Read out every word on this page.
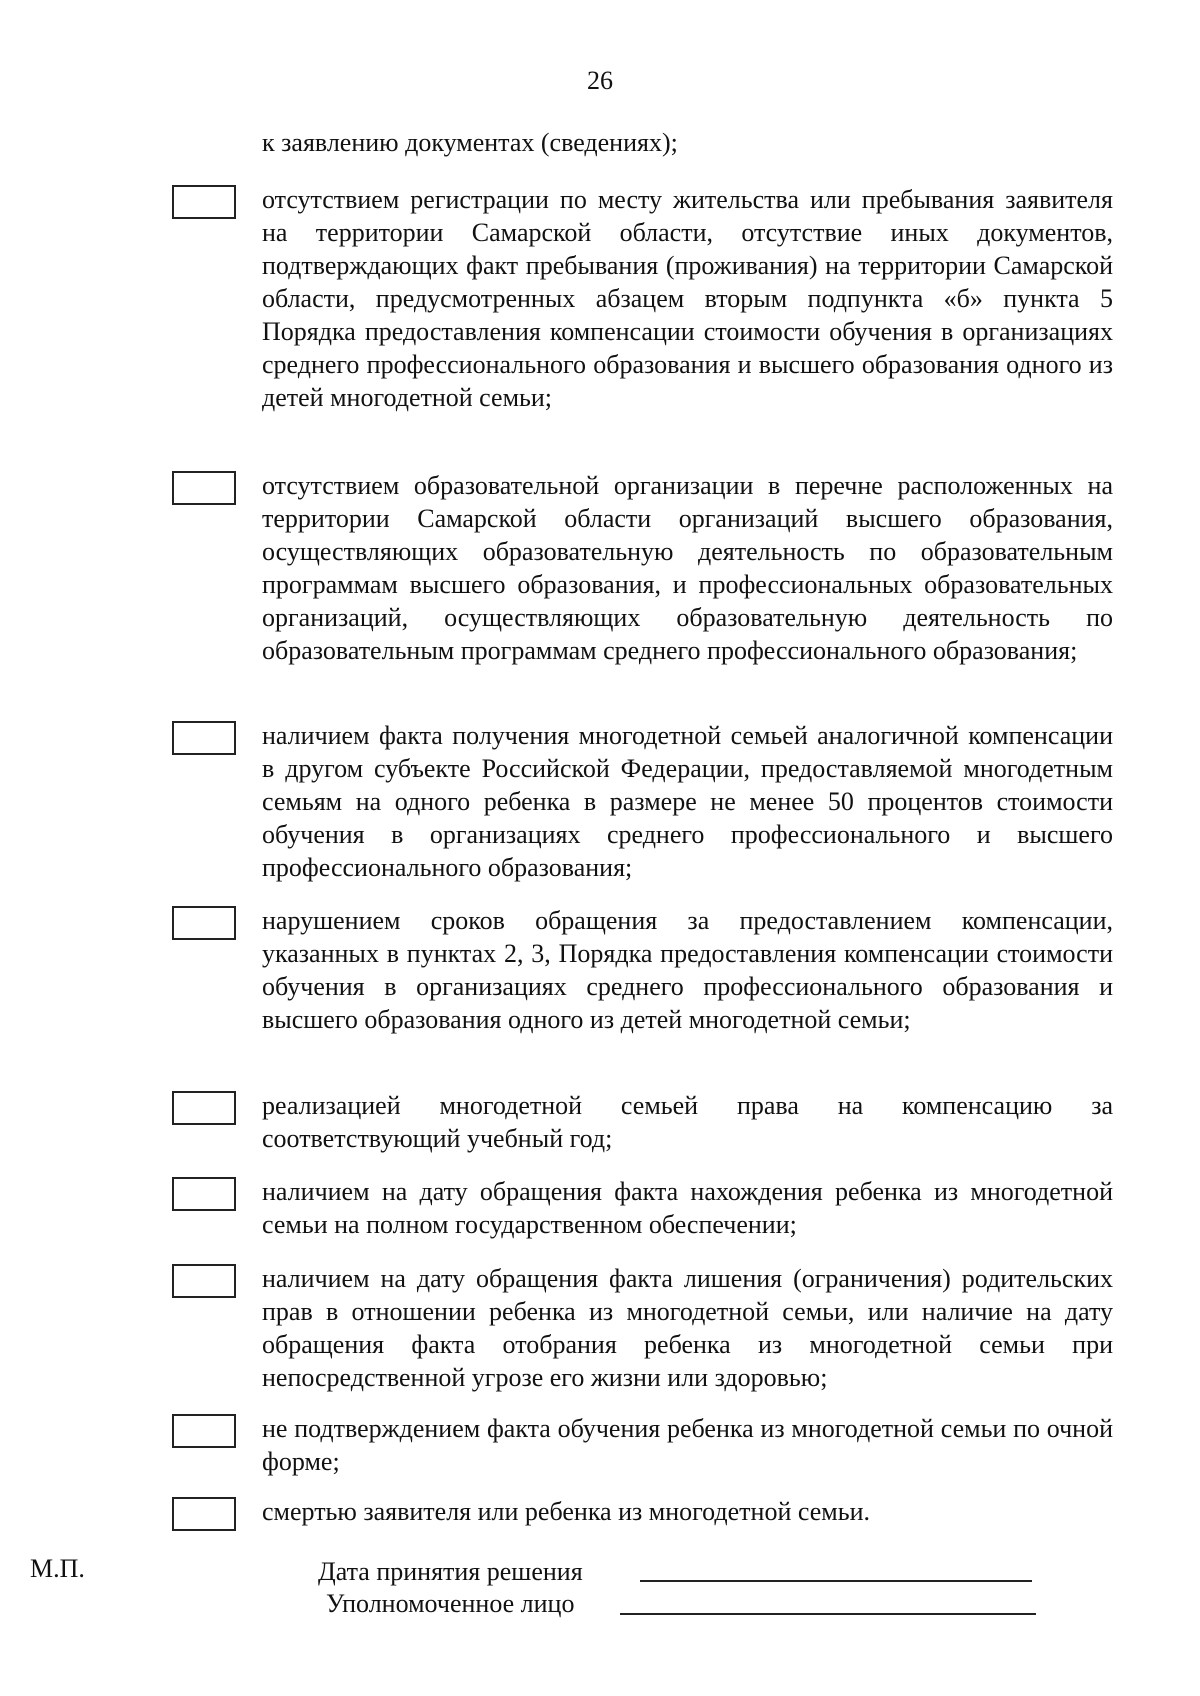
26
к заявлению документах (сведениях);

отсутствием регистрации по месту жительства или пребывания заявителя на территории Самарской области, отсутствие иных документов, подтверждающих факт пребывания (проживания) на территории Самарской области, предусмотренных абзацем вторым подпункта «б» пункта 5 Порядка предоставления компенсации стоимости обучения в организациях среднего профессионального образования и высшего образования одного из детей многодетной семьи;

отсутствием образовательной организации в перечне расположенных на территории Самарской области организаций высшего образования, осуществляющих образовательную деятельность по образовательным программам высшего образования, и профессиональных образовательных организаций, осуществляющих образовательную деятельность по образовательным программам среднего профессионального образования;

наличием факта получения многодетной семьей аналогичной компенсации в другом субъекте Российской Федерации, предоставляемой многодетным семьям на одного ребенка в размере не менее 50 процентов стоимости обучения в организациях среднего профессионального и высшего профессионального образования;

нарушением сроков обращения за предоставлением компенсации, указанных в пунктах 2, 3, Порядка предоставления компенсации стоимости обучения в организациях среднего профессионального образования и высшего образования одного из детей многодетной семьи;

реализацией многодетной семьей права на компенсацию за соответствующий учебный год;

наличием на дату обращения факта нахождения ребенка из многодетной семьи на полном государственном обеспечении;

наличием на дату обращения факта лишения (ограничения) родительских прав в отношении ребенка из многодетной семьи, или наличие на дату обращения факта отобрания ребенка из многодетной семьи при непосредственной угрозе его жизни или здоровью;

не подтверждением факта обучения ребенка из многодетной семьи по очной форме;

смертью заявителя или ребенка из многодетной семьи.

М.П.	Дата принятия решения
Уполномоченное лицо
